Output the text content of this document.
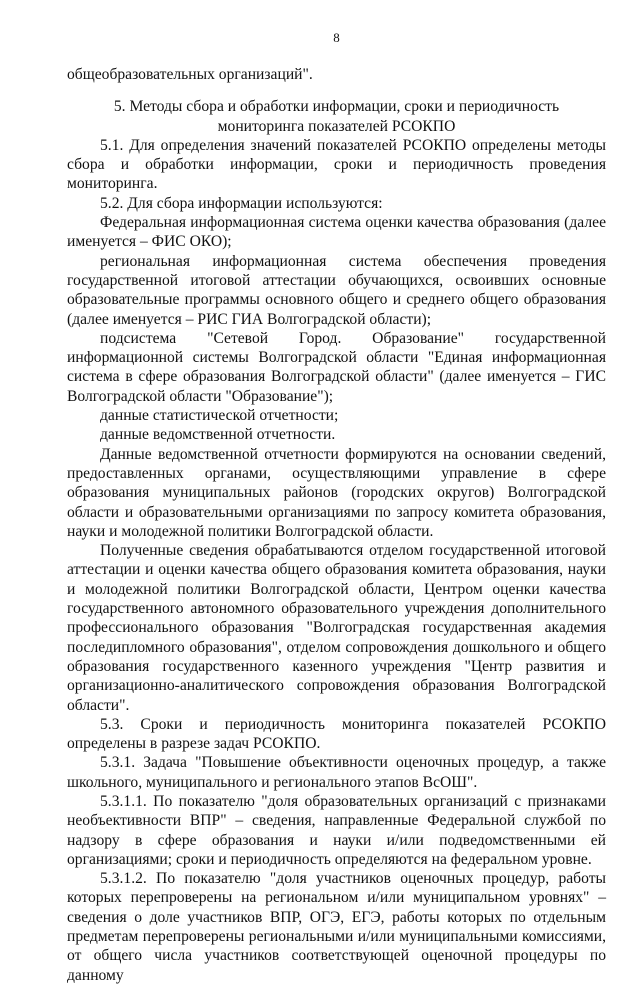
8

общеобразовательных организаций".

5. Методы сбора и обработки информации, сроки и периодичность

мониторинга показателей РСОКПО

5.1. Для определения значений показателей РСОКПО определены методы сбора и обработки информации, сроки и периодичность проведения мониторинга.

5.2. Для сбора информации используются:

Федеральная информационная система оценки качества образования (далее именуется – ФИС ОКО);

региональная информационная система обеспечения проведения государственной итоговой аттестации обучающихся, освоивших основные образовательные программы основного общего и среднего общего образования (далее именуется – РИС ГИА Волгоградской области);

подсистема "Сетевой Город. Образование" государственной информационной системы Волгоградской области "Единая информационная система в сфере образования Волгоградской области" (далее именуется – ГИС Волгоградской области "Образование");

данные статистической отчетности;

данные ведомственной отчетности.

Данные ведомственной отчетности формируются на основании сведений, предоставленных органами, осуществляющими управление в сфере образования муниципальных районов (городских округов) Волгоградской области и образовательными организациями по запросу комитета образования, науки и молодежной политики Волгоградской области.

Полученные сведения обрабатываются отделом государственной итоговой аттестации и оценки качества общего образования комитета образования, науки и молодежной политики Волгоградской области, Центром оценки качества государственного автономного образовательного учреждения дополнительного профессионального образования "Волгоградская государственная академия последипломного образования", отделом сопровождения дошкольного и общего образования государственного казенного учреждения "Центр развития и организационно-аналитического сопровождения образования Волгоградской области".

5.3. Сроки и периодичность мониторинга показателей РСОКПО определены в разрезе задач РСОКПО.

5.3.1. Задача "Повышение объективности оценочных процедур, а также школьного, муниципального и регионального этапов ВсОШ".

5.3.1.1. По показателю "доля образовательных организаций с признаками необъективности ВПР" – сведения, направленные Федеральной службой по надзору в сфере образования и науки и/или подведомственными ей организациями; сроки и периодичность определяются на федеральном уровне.

5.3.1.2. По показателю "доля участников оценочных процедур, работы которых перепроверены на региональном и/или муниципальном уровнях" – сведения о доле участников ВПР, ОГЭ, ЕГЭ, работы которых по отдельным предметам перепроверены региональными и/или муниципальными комиссиями, от общего числа участников соответствующей оценочной процедуры по данному
